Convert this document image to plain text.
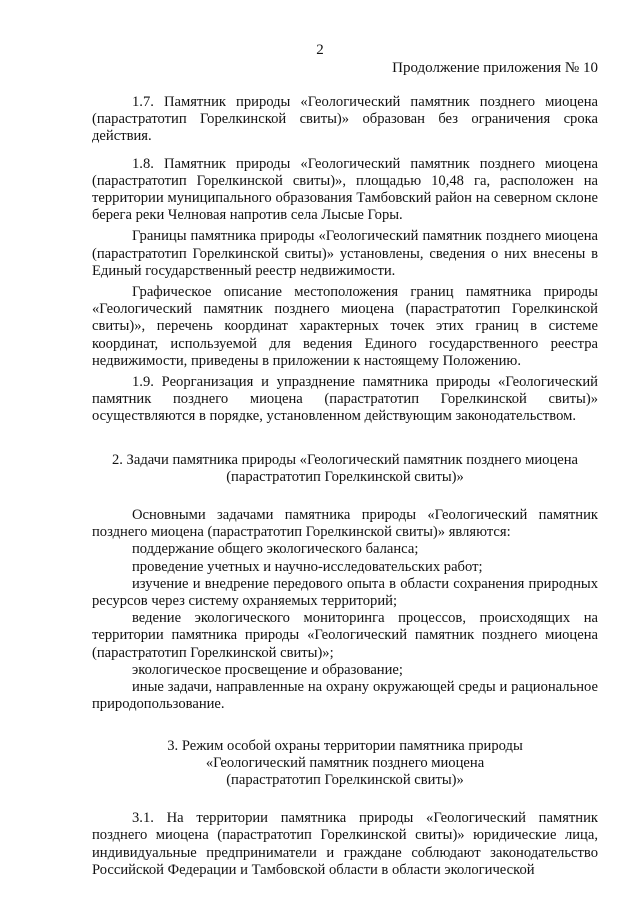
2
Продолжение приложения № 10

1.7. Памятник природы «Геологический памятник позднего миоцена (парастратотип Горелкинской свиты)» образован без ограничения срока действия.

1.8. Памятник природы «Геологический памятник позднего миоцена (парастратотип Горелкинской свиты)», площадью 10,48 га, расположен на территории муниципального образования Тамбовский район на северном склоне берега реки Челновая напротив села Лысые Горы.

Границы памятника природы «Геологический памятник позднего миоцена (парастратотип Горелкинской свиты)» установлены, сведения о них внесены в Единый государственный реестр недвижимости.

Графическое описание местоположения границ памятника природы «Геологический памятник позднего миоцена (парастратотип Горелкинской свиты)», перечень координат характерных точек этих границ в системе координат, используемой для ведения Единого государственного реестра недвижимости, приведены в приложении к настоящему Положению.

1.9. Реорганизация и упразднение памятника природы «Геологический памятник позднего миоцена (парастратотип Горелкинской свиты)» осуществляются в порядке, установленном действующим законодательством.

2. Задачи памятника природы «Геологический памятник позднего миоцена

(парастратотип Горелкинской свиты)»

Основными задачами памятника природы «Геологический памятник позднего миоцена (парастратотип Горелкинской свиты)» являются:

поддержание общего экологического баланса;

проведение учетных и научно-исследовательских работ;

изучение и внедрение передового опыта в области сохранения природных ресурсов через систему охраняемых территорий;

ведение экологического мониторинга процессов, происходящих на территории памятника природы «Геологический памятник позднего миоцена (парастратотип Горелкинской свиты)»;

экологическое просвещение и образование;

иные задачи, направленные на охрану окружающей среды и рациональное природопользование.

3. Режим особой охраны территории памятника природы

«Геологический памятник позднего миоцена

(парастратотип Горелкинской свиты)»

3.1. На территории памятника природы «Геологический памятник позднего миоцена (парастратотип Горелкинской свиты)» юридические лица, индивидуальные предприниматели и граждане соблюдают законодательство Российской Федерации и Тамбовской области в области экологической
